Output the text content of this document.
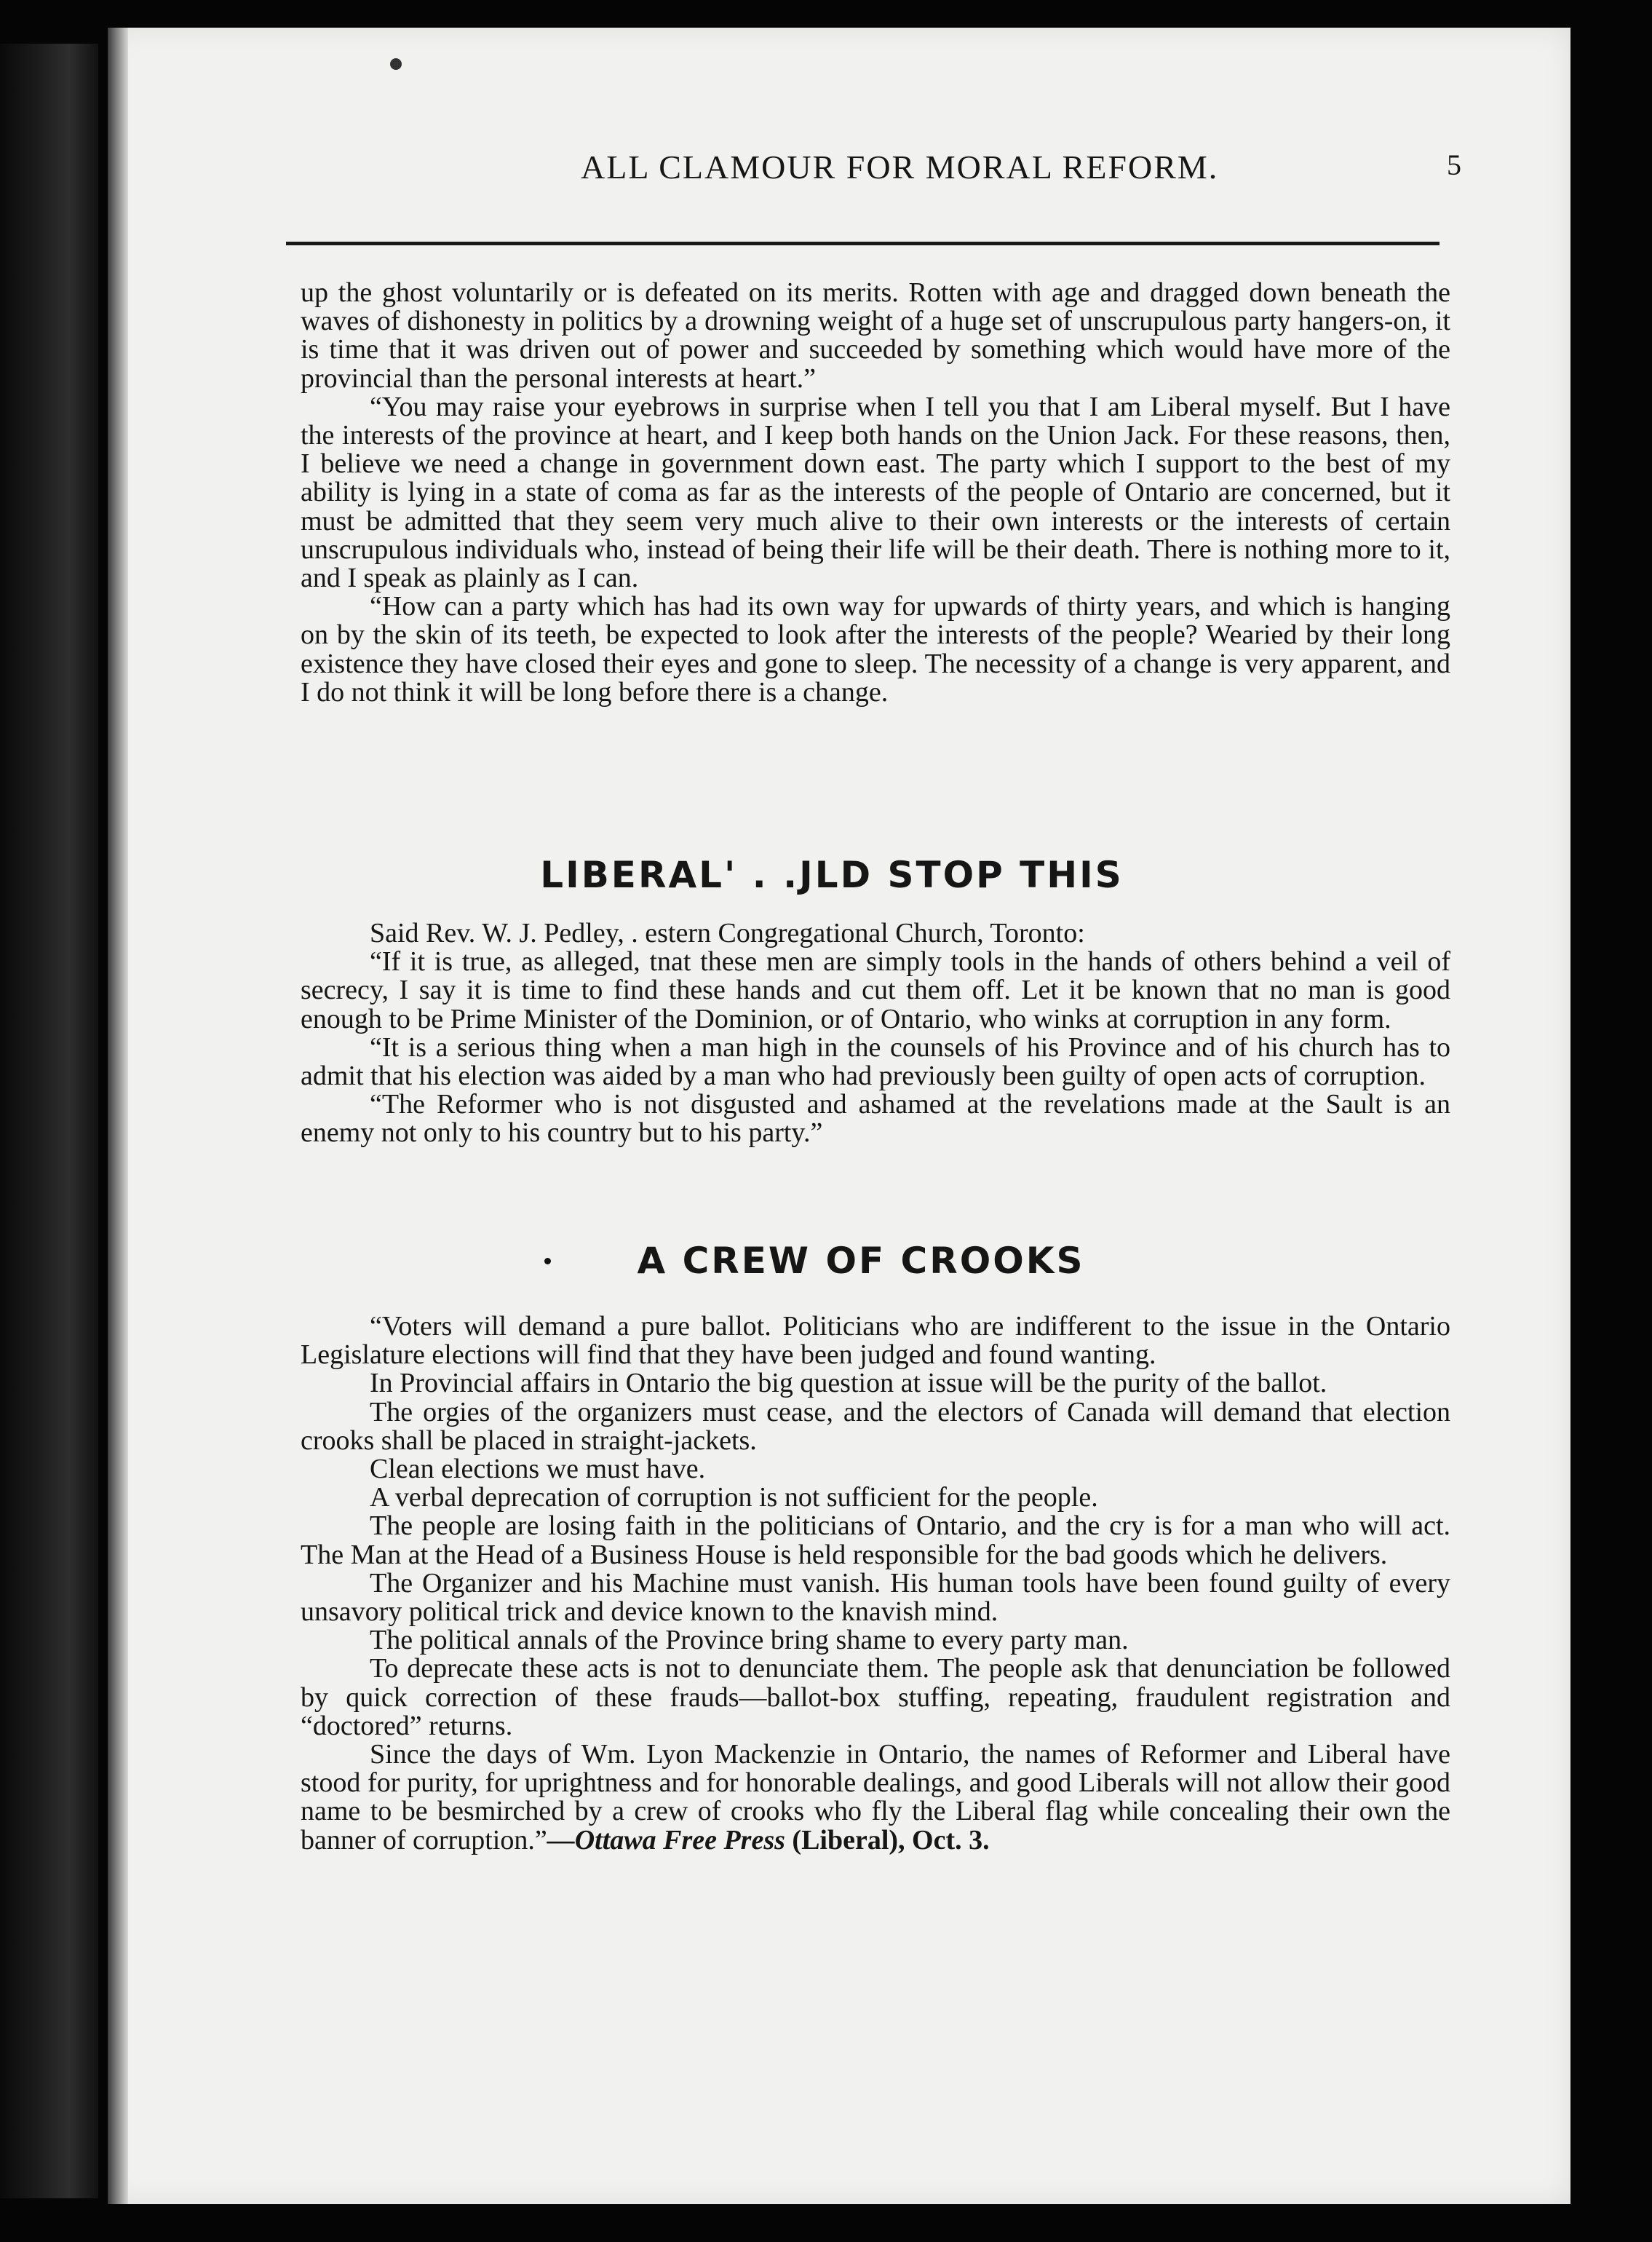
ALL CLAMOUR FOR MORAL REFORM.	5

up the ghost voluntarily or is defeated on its merits. Rotten with age and dragged down beneath the waves of dishonesty in politics by a drowning weight of a huge set of unscrupulous party hangers-on, it is time that it was driven out of power and succeeded by something which would have more of the provincial than the personal interests at heart.”

“You may raise your eyebrows in surprise when I tell you that I am Liberal myself. But I have the interests of the province at heart, and I keep both hands on the Union Jack. For these reasons, then, I believe we need a change in government down east. The party which I support to the best of my ability is lying in a state of coma as far as the interests of the people of Ontario are concerned, but it must be admitted that they seem very much alive to their own interests or the interests of certain unscrupulous individuals who, instead of being their life will be their death. There is nothing more to it, and I speak as plainly as I can.

“How can a party which has had its own way for upwards of thirty years, and which is hanging on by the skin of its teeth, be expected to look after the interests of the people? Wearied by their long existence they have closed their eyes and gone to sleep. The necessity of a change is very apparent, and I do not think it will be long before there is a change.

LIBERAL' . .JLD STOP THIS

Said Rev. W. J. Pedley, . estern Congregational Church, Toronto:

“If it is true, as alleged, tnat these men are simply tools in the hands of others behind a veil of secrecy, I say it is time to find these hands and cut them off. Let it be known that no man is good enough to be Prime Minister of the Dominion, or of Ontario, who winks at corruption in any form.

“It is a serious thing when a man high in the counsels of his Province and of his church has to admit that his election was aided by a man who had previously been guilty of open acts of corruption.

“The Reformer who is not disgusted and ashamed at the revelations made at the Sault is an enemy not only to his country but to his party.”

A CREW OF CROOKS

“Voters will demand a pure ballot. Politicians who are indifferent to the issue in the Ontario Legislature elections will find that they have been judged and found wanting.

In Provincial affairs in Ontario the big question at issue will be the purity of the ballot.

The orgies of the organizers must cease, and the electors of Canada will demand that election crooks shall be placed in straight-jackets.

Clean elections we must have.

A verbal deprecation of corruption is not sufficient for the people.

The people are losing faith in the politicians of Ontario, and the cry is for a man who will act. The Man at the Head of a Business House is held responsible for the bad goods which he delivers.

The Organizer and his Machine must vanish. His human tools have been found guilty of every unsavory political trick and device known to the knavish mind.

The political annals of the Province bring shame to every party man.

To deprecate these acts is not to denunciate them. The people ask that denunciation be followed by quick correction of these frauds—ballot-box stuffing, repeating, fraudulent registration and “doctored” returns.

Since the days of Wm. Lyon Mackenzie in Ontario, the names of Reformer and Liberal have stood for purity, for uprightness and for honorable dealings, and good Liberals will not allow their good name to be besmirched by a crew of crooks who fly the Liberal flag while concealing their own the banner of corruption.”—Ottawa Free Press (Liberal), Oct. 3.
